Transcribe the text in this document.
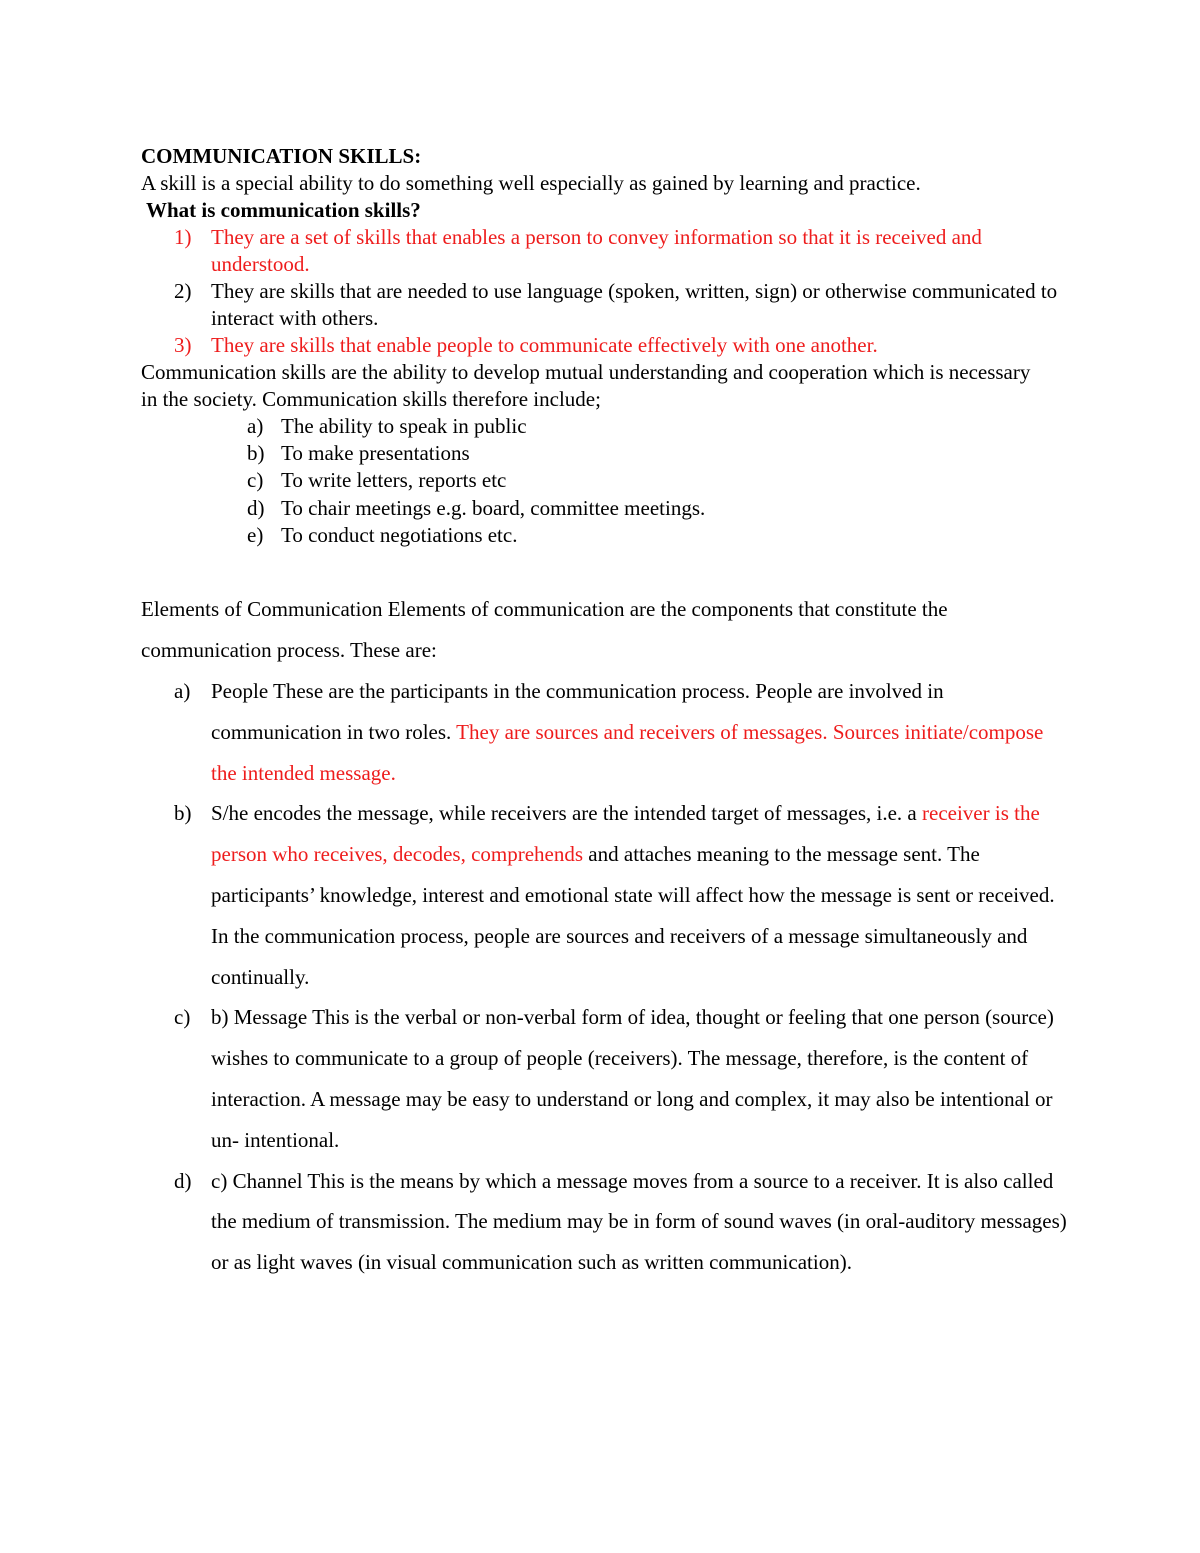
COMMUNICATION SKILLS:
A skill is a special ability to do something well especially as gained by learning and practice.
What is communication skills?
1) They are a set of skills that enables a person to convey information so that it is received and understood.
2) They are skills that are needed to use language (spoken, written, sign) or otherwise communicated to interact with others.
3) They are skills that enable people to communicate effectively with one another.
Communication skills are the ability to develop mutual understanding and cooperation which is necessary in the society. Communication skills therefore include;
a) The ability to speak in public
b) To make presentations
c) To write letters, reports etc
d) To chair meetings e.g. board, committee meetings.
e) To conduct negotiations etc.
Elements of Communication Elements of communication are the components that constitute the communication process. These are:
a) People These are the participants in the communication process. People are involved in communication in two roles. They are sources and receivers of messages. Sources initiate/compose the intended message.
b) S/he encodes the message, while receivers are the intended target of messages, i.e. a receiver is the person who receives, decodes, comprehends and attaches meaning to the message sent. The participants’ knowledge, interest and emotional state will affect how the message is sent or received. In the communication process, people are sources and receivers of a message simultaneously and continually.
c) b) Message This is the verbal or non-verbal form of idea, thought or feeling that one person (source) wishes to communicate to a group of people (receivers). The message, therefore, is the content of interaction. A message may be easy to understand or long and complex, it may also be intentional or un- intentional.
d) c) Channel This is the means by which a message moves from a source to a receiver. It is also called the medium of transmission. The medium may be in form of sound waves (in oral-auditory messages) or as light waves (in visual communication such as written communication).
